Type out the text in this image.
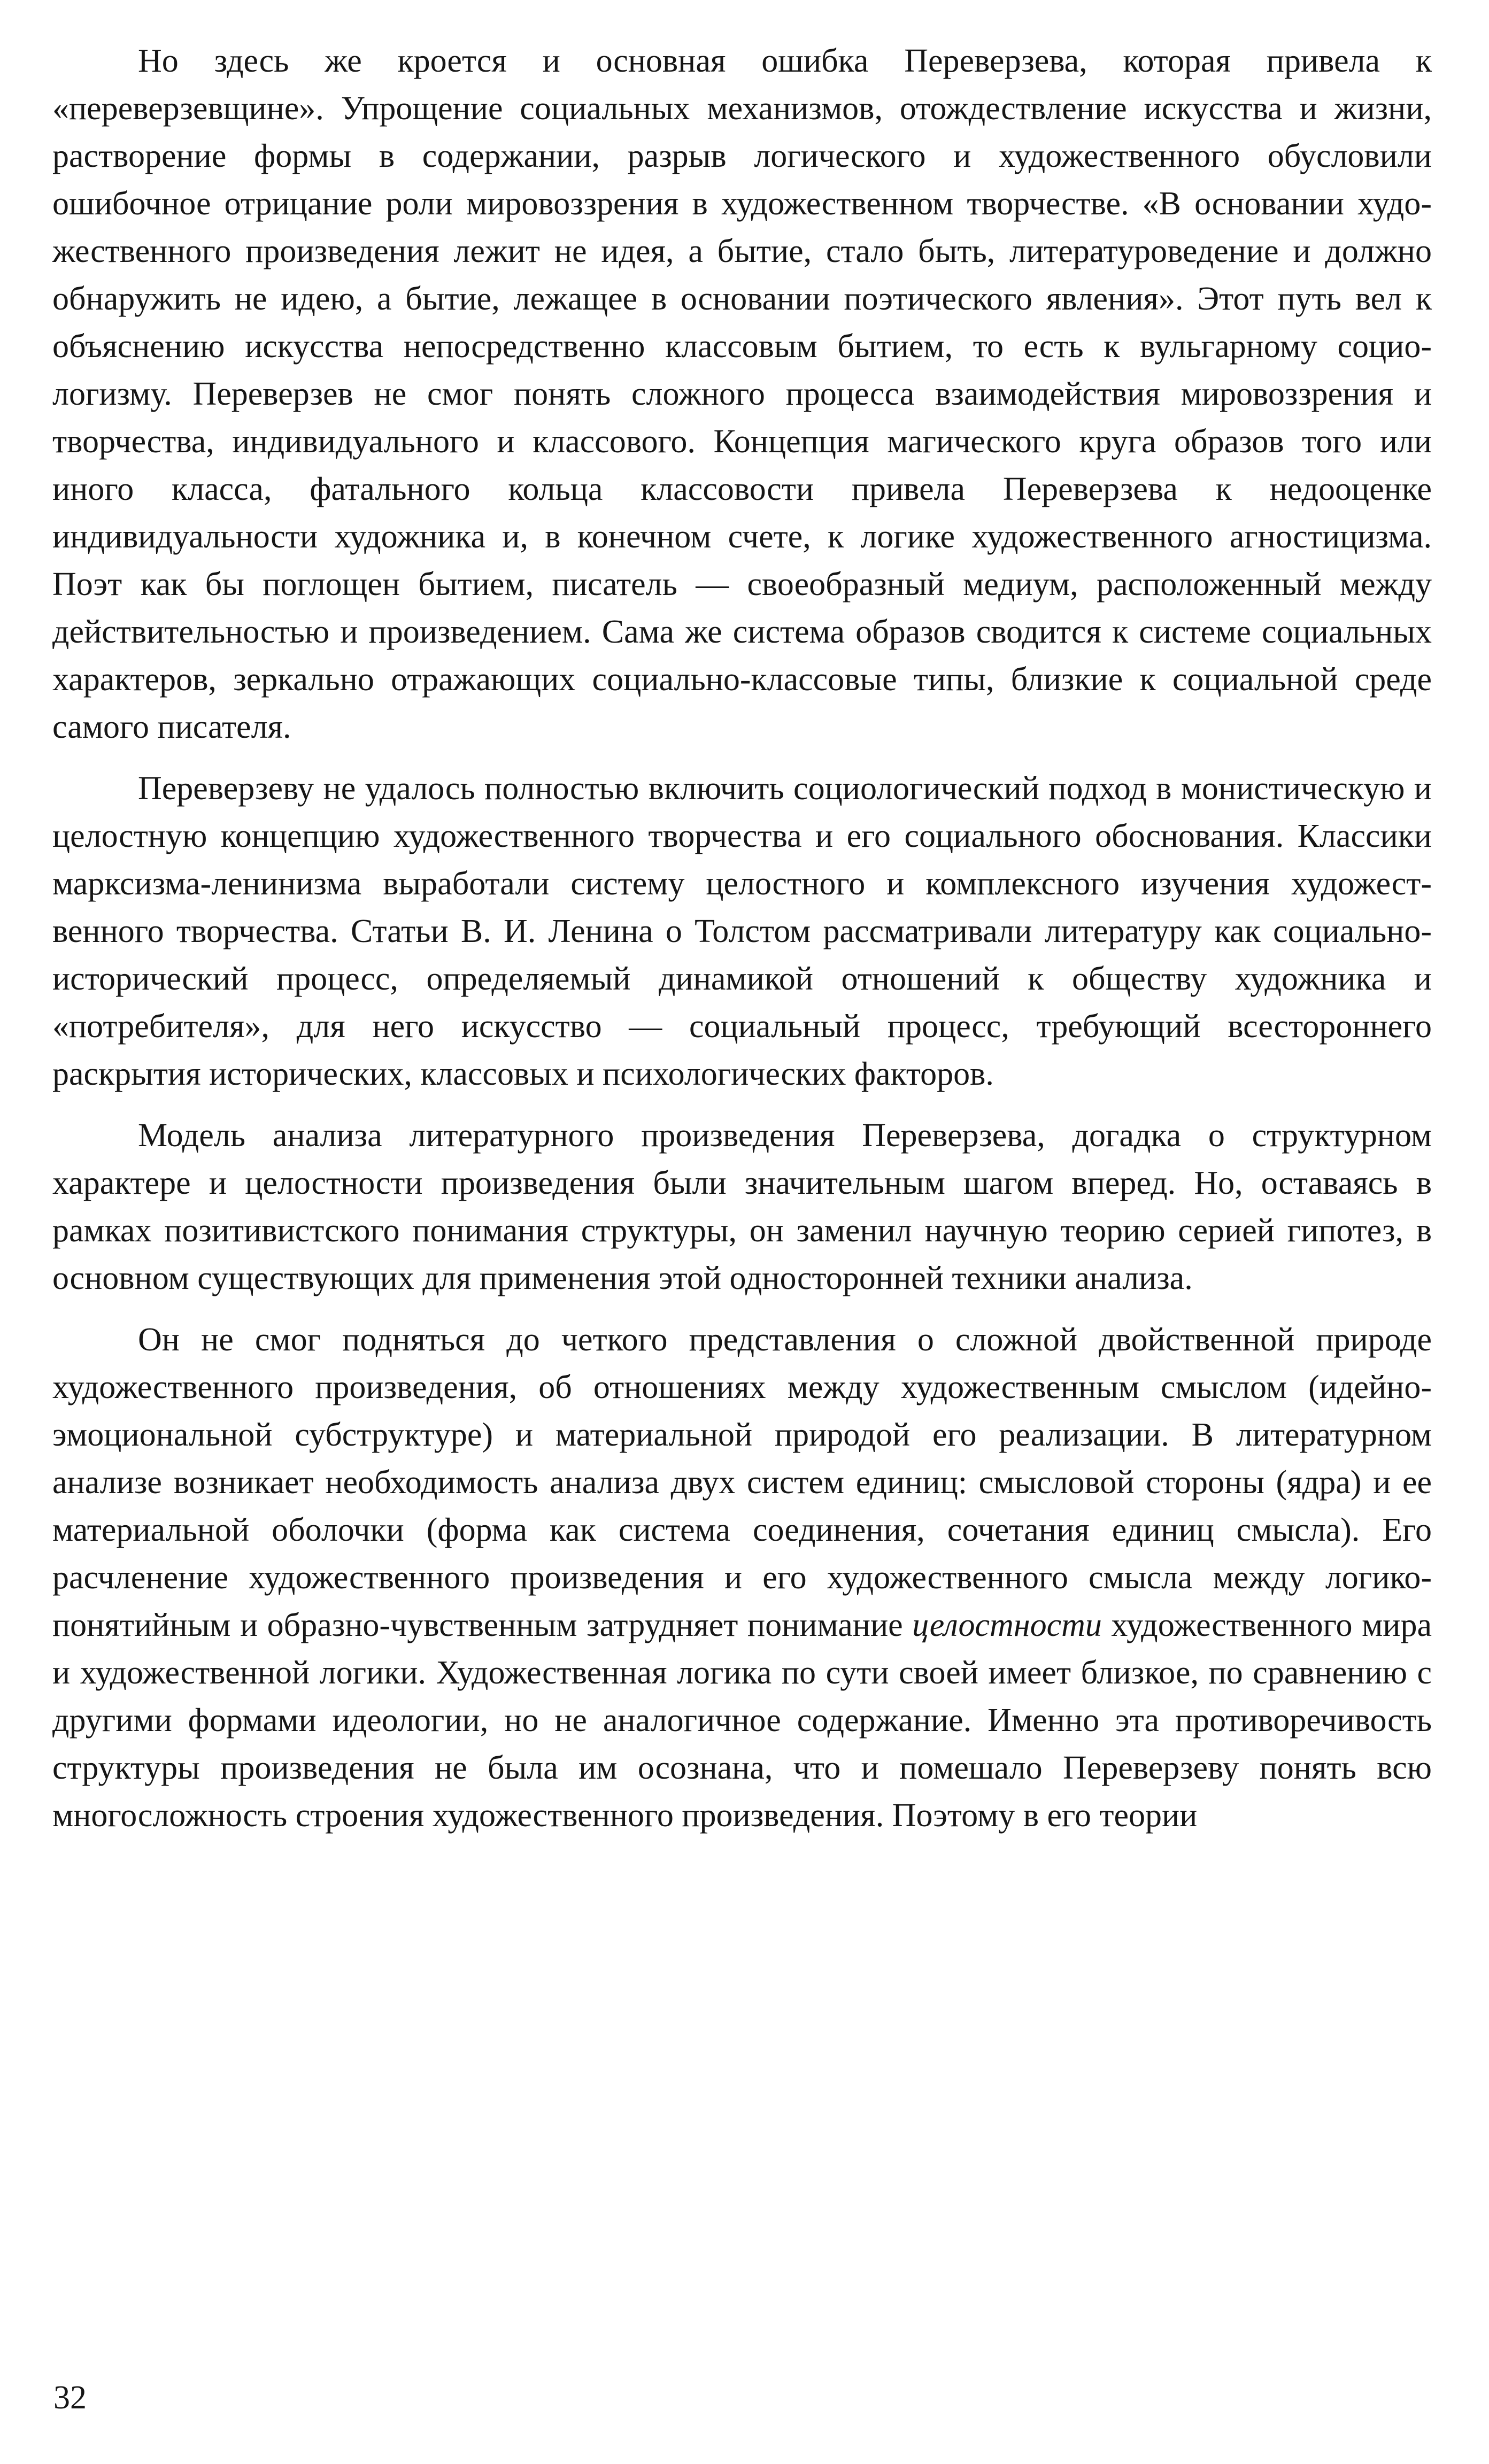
Но здесь же кроется и основная ошибка Переверзева, которая привела к «переверзевщине». Упрощение социальных механизмов, отождествление искусства и жизни, растворение формы в содержании, разрыв логического и художественного обусловили ошибочное отрицание роли мировоззрения в художественном творчестве. «В основании художественного произведения лежит не идея, а бытие, стало быть, литературоведение и должно обнаружить не идею, а бытие, лежащее в основании поэтического явления». Этот путь вел к объяснению искусства непосредственно классовым бытием, то есть к вульгарному социологизму. Переверзев не смог понять сложного процесса взаимодействия мировоззрения и творчества, индивидуального и классового. Концепция магического круга образов того или иного класса, фатального кольца классовости привела Переверзева к недооценке индивидуальности художника и, в конечном счете, к логике художественного агностицизма. Поэт как бы поглощен бытием, писатель — своеобразный медиум, расположенный между действительностью и произведением. Сама же система образов сводится к системе социальных характеров, зеркально отражающих социально-классовые типы, близкие к социальной среде самого писателя.

Переверзеву не удалось полностью включить социологический подход в монистическую и целостную концепцию художественного творчества и его социального обоснования. Классики марксизма-ленинизма выработали систему целостного и комплексного изучения художественного творчества. Статьи В. И. Ленина о Толстом рассматривали литературу как социально-исторический процесс, определяемый динамикой отношений к обществу художника и «потребителя», для него искусство — социальный процесс, требующий всестороннего раскрытия исторических, классовых и психологических факторов.

Модель анализа литературного произведения Переверзева, догадка о структурном характере и целостности произведения были значительным шагом вперед. Но, оставаясь в рамках позитивистского понимания структуры, он заменил научную теорию серией гипотез, в основном существующих для применения этой односторонней техники анализа.

Он не смог подняться до четкого представления о сложной двойственной природе художественного произведения, об отношениях между художественным смыслом (идейно-эмоциональной субструктуре) и материальной природой его реализации. В литературном анализе возникает необходимость анализа двух систем единиц: смысловой стороны (ядра) и ее материальной оболочки (форма как система соединения, сочетания единиц смысла). Его расчленение художественного произведения и его художественного смысла между логико-понятийным и образно-чувственным затрудняет понимание целостности художественного мира и художественной логики. Художественная логика по сути своей имеет близкое, по сравнению с другими формами идеологии, но не аналогичное содержание. Именно эта противоречивость структуры произведения не была им осознана, что и помешало Переверзеву понять всю многосложность строения художественного произведения. Поэтому в его теории

32
